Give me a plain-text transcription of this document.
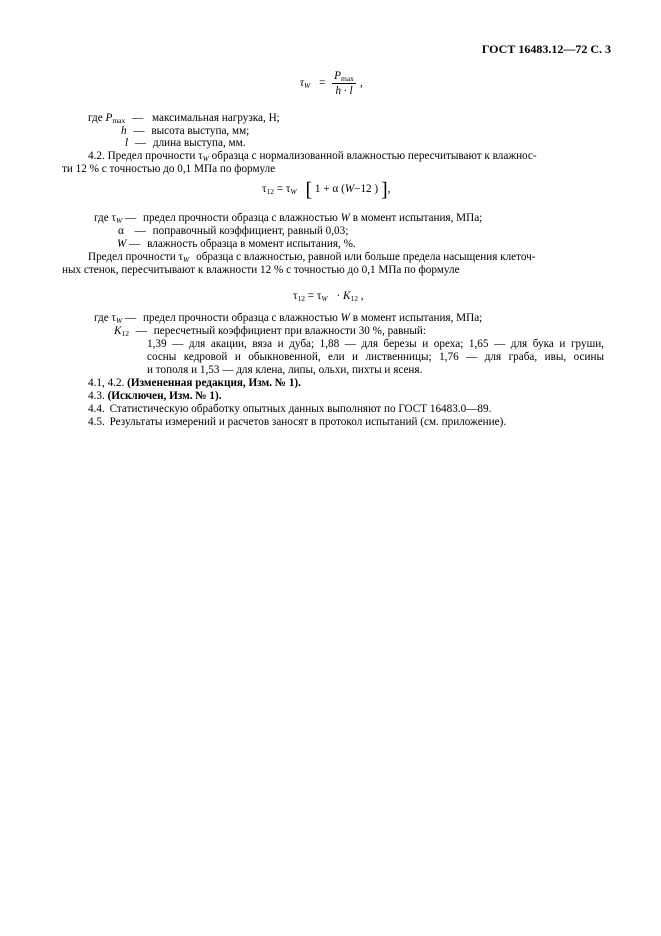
ГОСТ 16483.12—72 С. 3
$\tau_W = \frac{P_{max}}{h \cdot l}$ ,
где $P_{max}$ — максимальная нагрузка, Н;
h — высота выступа, мм;
l — длина выступа, мм.
4.2. Предел прочности $\tau_W$ образца с нормализованной влажностью пересчитывают к влажнос-
ти 12 % с точностью до 0,1 МПа по формуле
$\tau_{12} = \tau_W$ [ 1 + α (W−12 ) ],
где $\tau_W$ — предел прочности образца с влажностью W в момент испытания, МПа;
α — поправочный коэффициент, равный 0,03;
W — влажность образца в момент испытания, %.
Предел прочности $\tau_W$ образца с влажностью, равной или больше предела насыщения клеточ-
ных стенок, пересчитывают к влажности 12 % с точностью до 0,1 МПа по формуле
$\tau_{12} = \tau_W \cdot K_{12}$ ,
где $\tau_W$ — предел прочности образца с влажностью W в момент испытания, МПа;
$K_{12}$ — пересчетный коэффициент при влажности 30 %, равный:
1,39 — для акации, вяза и дуба; 1,88 — для березы и ореха; 1,65 — для бука и груши,
сосны кедровой и обыкновенной, ели и лиственницы; 1,76 — для граба, ивы, осины
и тополя и 1,53 — для клена, липы, ольхи, пихты и ясеня.
4.1, 4.2. (Измененная редакция, Изм. № 1).
4.3. (Исключен, Изм. № 1).
4.4. Статистическую обработку опытных данных выполняют по ГОСТ 16483.0—89.
4.5. Результаты измерений и расчетов заносят в протокол испытаний (см. приложение).
